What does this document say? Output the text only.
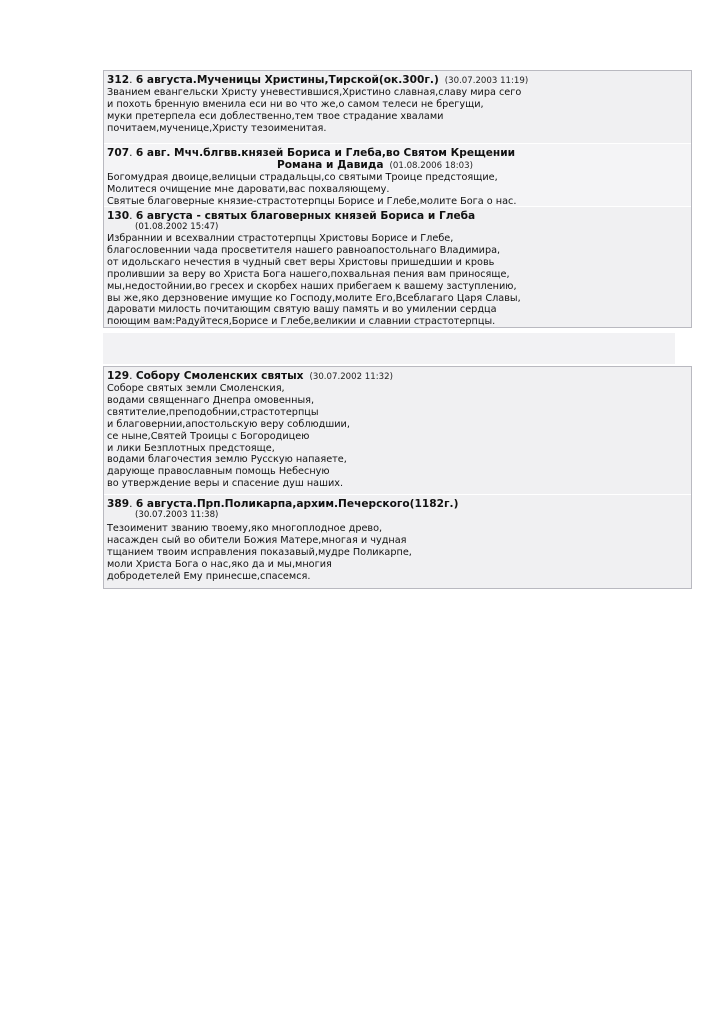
312. 6 августа.Мученицы Христины,Тирской(ок.300г.) (30.07.2003 11:19)
Званием евангельски Христу уневестившися,Христино славная,славу мира сего
и похоть бренную вменила еси ни во что же,о самом телеси не брегущи,
муки претерпела еси доблественно,тем твое страдание хвалами
почитаем,мученице,Христу тезоименитая.
707. 6 авг. Мчч.блгвв.князей Бориса и Глеба,во Святом Крещении
Романа и Давида (01.08.2006 18:03)
Богомудрая двоице,велицыи страдальцы,со святыми Троице предстоящие,
Молитеся очищение мне даровати,вас похваляющему.
Святые благоверные князие-страстотерпцы Борисе и Глебе,молите Бога о нас.
130. 6 августа - святых благоверных князей Бориса и Глеба
(01.08.2002 15:47)
Избраннии и всехвалнии страстотерпцы Христовы Борисе и Глебе,
благословеннии чада просветителя нашего равноапостольнаго Владимира,
от идольскаго нечестия в чудный свет веры Христовы пришедшии и кровь
пролившии за веру во Христа Бога нашего,похвальная пения вам приносяще,
мы,недостойнии,во гресех и скорбех наших прибегаем к вашему заступлению,
вы же,яко дерзновение имущие ко Господу,молите Его,Всеблагаго Царя Славы,
даровати милость почитающим святую вашу память и во умилении сердца
поющим вам:Радуйтеся,Борисе и Глебе,великии и славнии страстотерпцы.
129. Собору Смоленских святых (30.07.2002 11:32)
Соборе святых земли Смоленския,
водами священнаго Днепра омовенныя,
святителие,преподобнии,страстотерпцы
и благовернии,апостольскую веру соблюдшии,
се ныне,Святей Троицы с Богородицею
и лики Безплотных предстояще,
водами благочестия землю Русскую напаяете,
дарующе православным помощь Небесную
во утверждение веры и спасение душ наших.
389. 6 августа.Прп.Поликарпа,архим.Печерского(1182г.)
(30.07.2003 11:38)
Тезоименит званию твоему,яко многоплодное древо,
насажден сый во обители Божия Матере,многая и чудная
тщанием твоим исправления показавый,мудре Поликарпе,
моли Христа Бога о нас,яко да и мы,многия
добродетелей Ему принесше,спасемся.
